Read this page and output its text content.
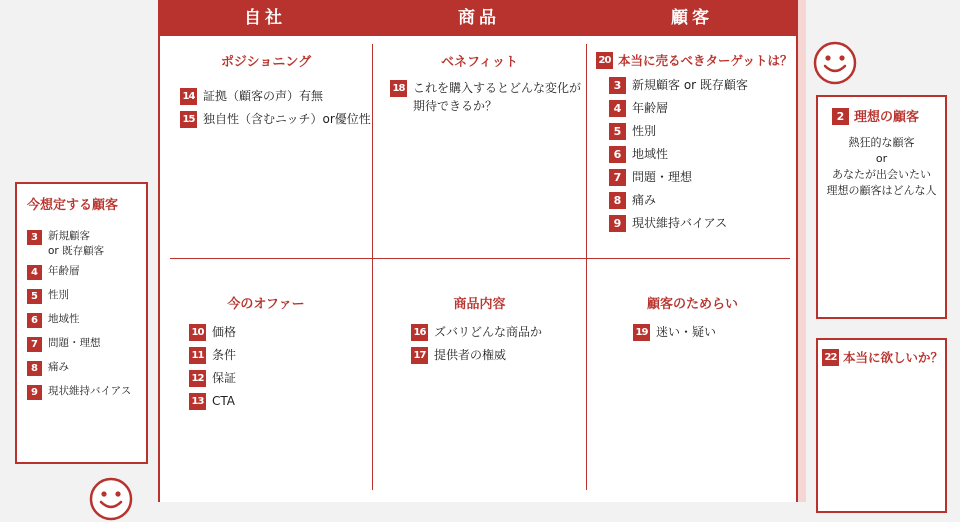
自社	商品	顧客
ポジショニング
14 証拠（顧客の声）有無
15 独自性（含むニッチ）or優位性
ベネフィット
18 これを購入するとどんな変化が
期待できるか？
20 本当に売るべきターゲットは？
3 新規顧客 or 既存顧客
4 年齢層
5 性別
6 地域性
7 問題・理想
8 痛み
9 現状維持バイアス
今のオファー
10 価格
11 条件
12 保証
13 CTA
商品内容
16 ズバリどんな商品か
17 提供者の権威
顧客のためらい
19 迷い・疑い
今想定する顧客
3 新規顧客
or 既存顧客
4 年齢層
5 性別
6 地域性
7 問題・理想
8 痛み
9 現状維持バイアス
2 理想の顧客
熱狂的な顧客
or
あなたが出会いたい
理想の顧客はどんな人
22 本当に欲しいか？
